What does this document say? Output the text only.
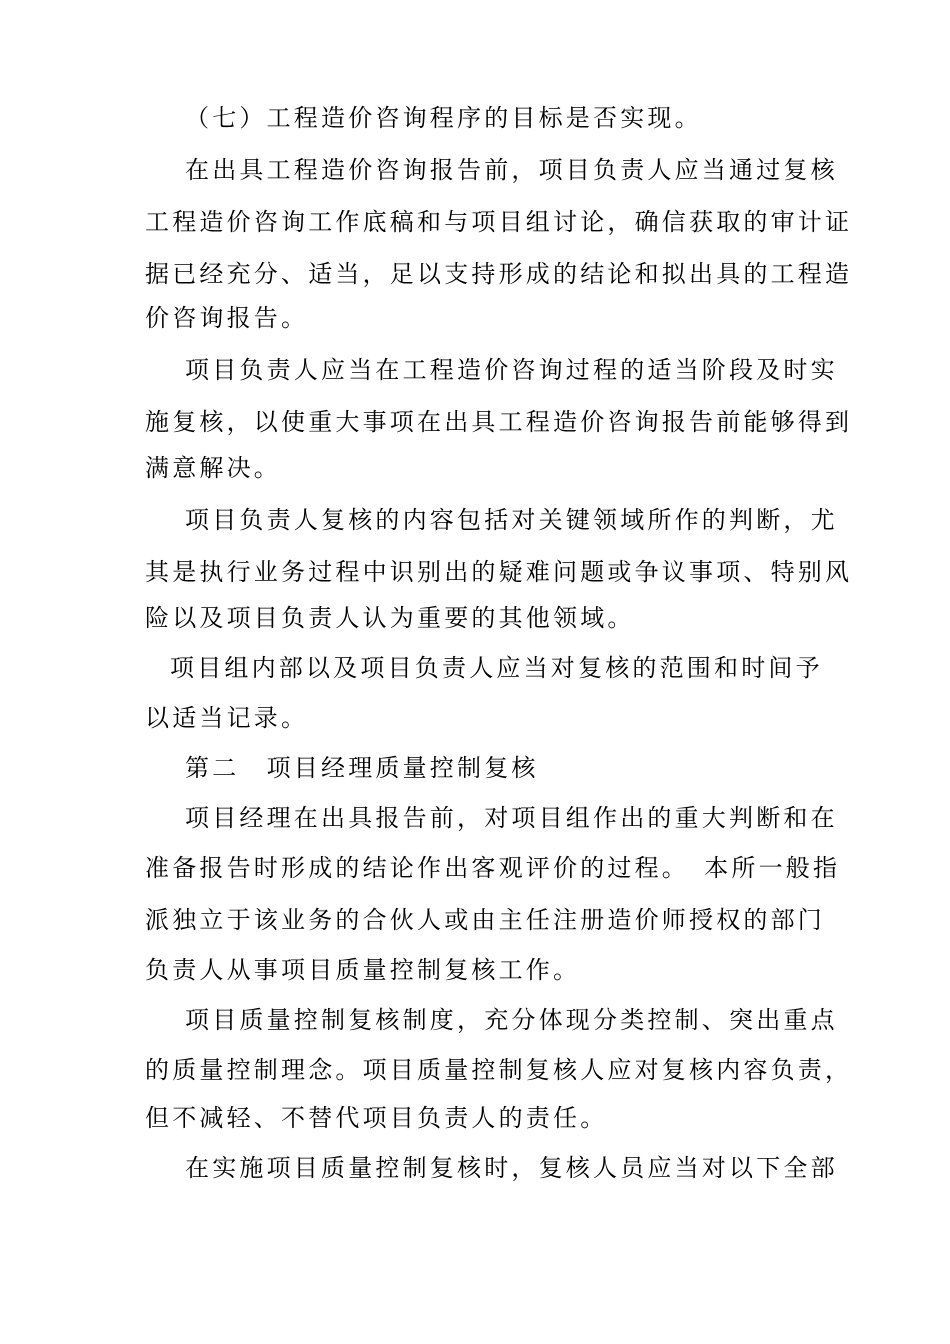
（七）工程造价咨询程序的目标是否实现。
在出具工程造价咨询报告前，项目负责人应当通过复核
工程造价咨询工作底稿和与项目组讨论，确信获取的审计证
据已经充分、适当，足以支持形成的结论和拟出具的工程造
价咨询报告。
项目负责人应当在工程造价咨询过程的适当阶段及时实
施复核，以使重大事项在出具工程造价咨询报告前能够得到
满意解决。
项目负责人复核的内容包括对关键领域所作的判断，尤
其是执行业务过程中识别出的疑难问题或争议事项、特别风
险以及项目负责人认为重要的其他领域。
项目组内部以及项目负责人应当对复核的范围和时间予
以适当记录。
第二　项目经理质量控制复核
项目经理在出具报告前，对项目组作出的重大判断和在
准备报告时形成的结论作出客观评价的过程。　本所一般指
派独立于该业务的合伙人或由主任注册造价师授权的部门
负责人从事项目质量控制复核工作。
项目质量控制复核制度，充分体现分类控制、突出重点
的质量控制理念。项目质量控制复核人应对复核内容负责，
但不减轻、不替代项目负责人的责任。
在实施项目质量控制复核时，复核人员应当对以下全部
